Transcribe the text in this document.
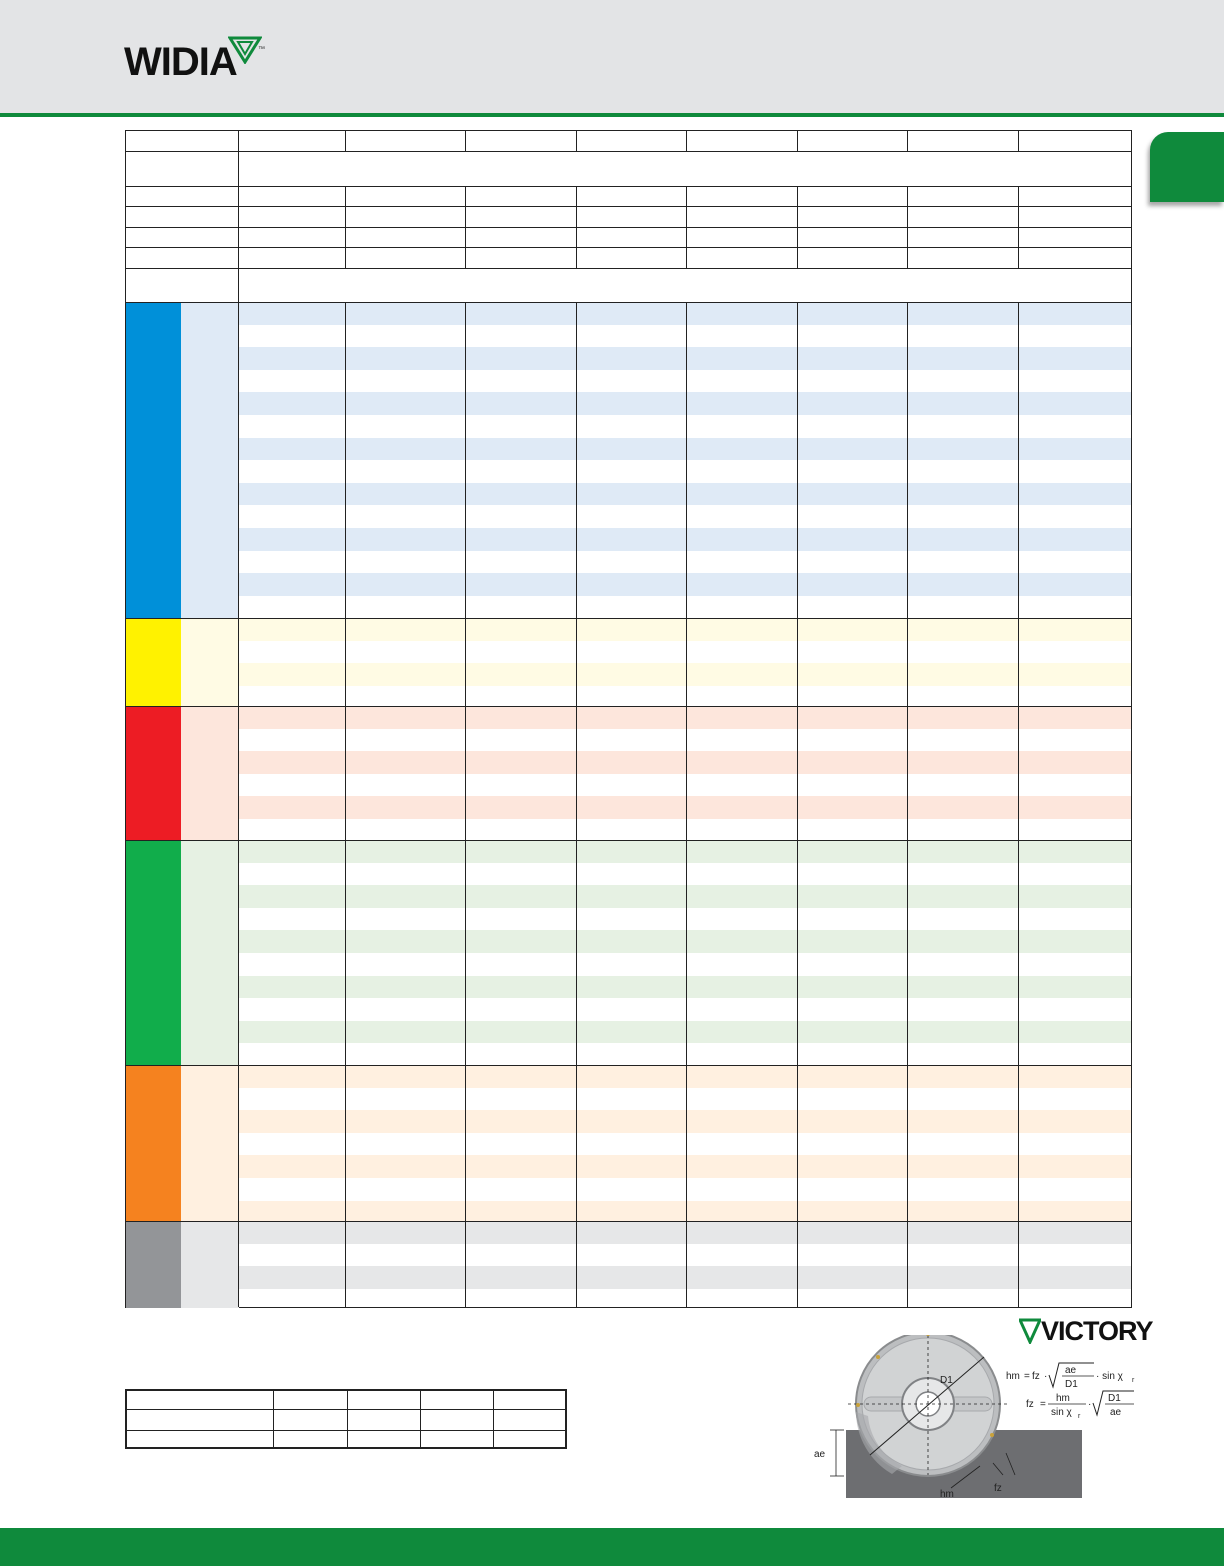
WIDIA	™
VICTORY
ae
D1
fz
hm
hm = fz ·
ae
D1
· sin χ r
fz =
hm
sin χ r
·
D1
ae
